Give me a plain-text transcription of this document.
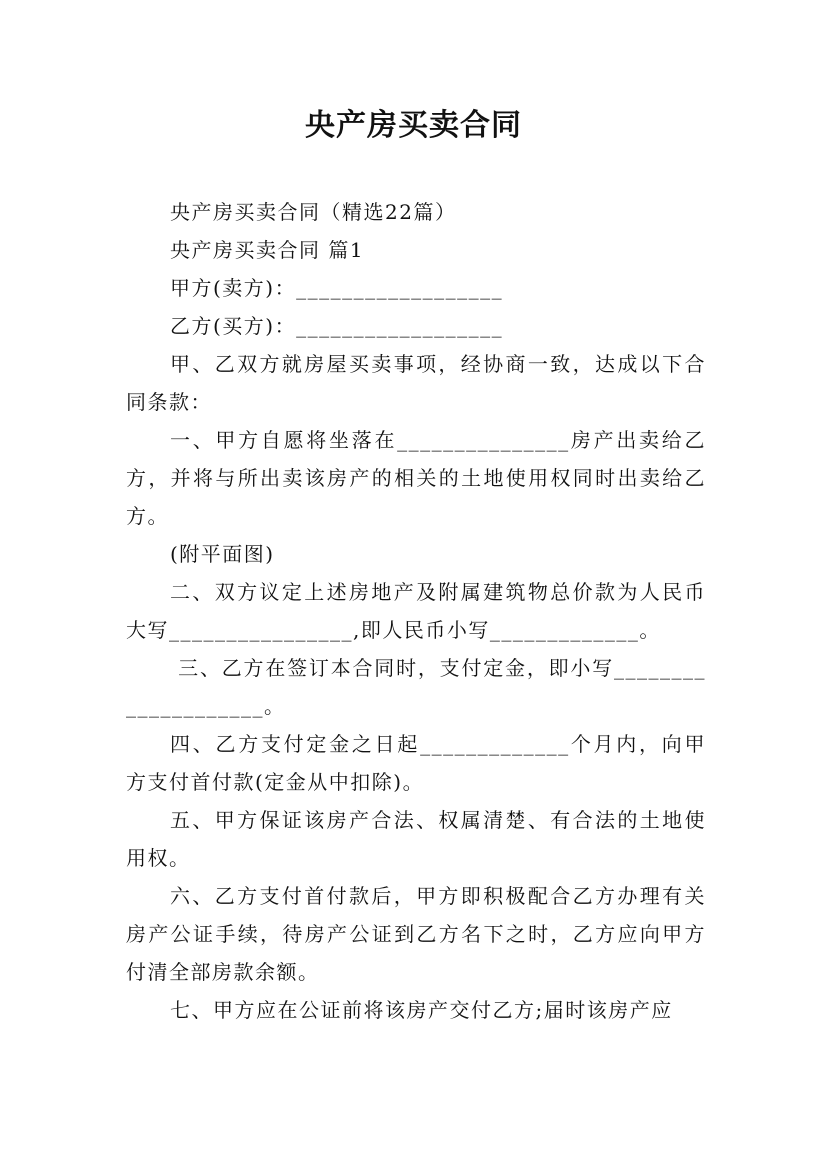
央产房买卖合同

央产房买卖合同（精选22篇）

央产房买卖合同 篇1

甲方(卖方)：__________________

乙方(买方)：__________________

甲、乙双方就房屋买卖事项，经协商一致，达成以下合同条款：

一、甲方自愿将坐落在_______________房产出卖给乙方，并将与所出卖该房产的相关的土地使用权同时出卖给乙方。

(附平面图)

二、双方议定上述房地产及附属建筑物总价款为人民币大写________________,即人民币小写_____________。

三、乙方在签订本合同时，支付定金，即小写____________________。

四、乙方支付定金之日起_____________个月内，向甲方支付首付款(定金从中扣除)。

五、甲方保证该房产合法、权属清楚、有合法的土地使用权。

六、乙方支付首付款后，甲方即积极配合乙方办理有关房产公证手续，待房产公证到乙方名下之时，乙方应向甲方付清全部房款余额。

七、甲方应在公证前将该房产交付乙方;届时该房产应
